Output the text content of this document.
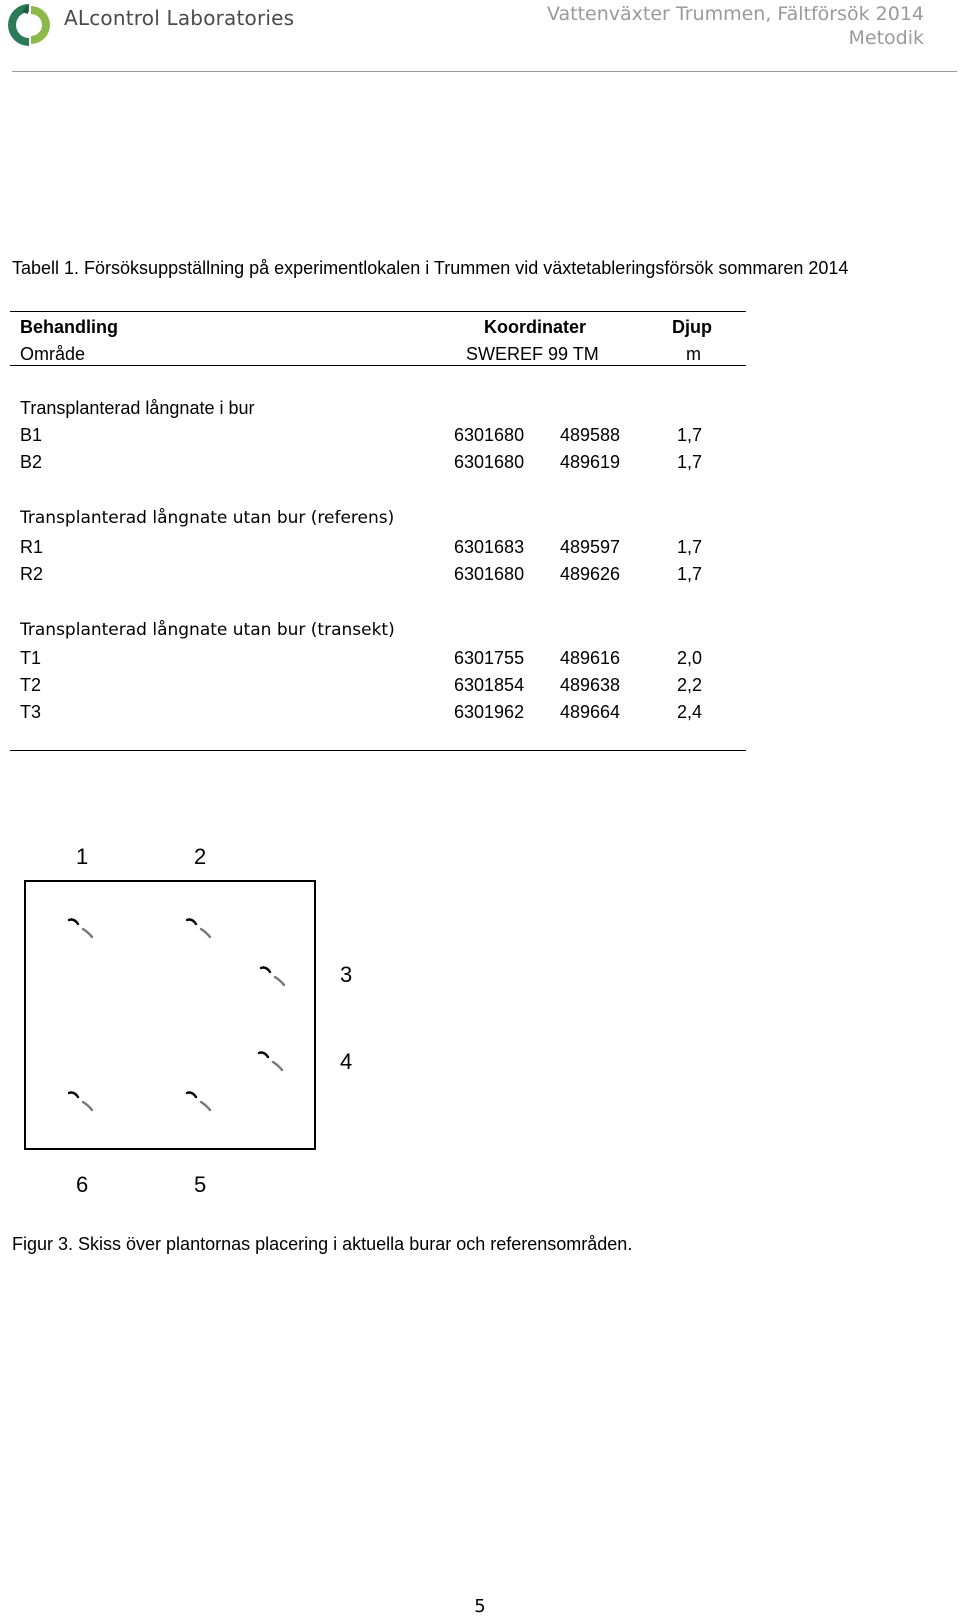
ALcontrol Laboratories	Vattenväxter Trummen, Fältförsök 2014
Metodik
Tabell 1. Försöksuppställning på experimentlokalen i Trummen vid växtetableringsförsök sommaren 2014
Behandling	Koordinater	Djup
Område	SWEREF 99 TM	m
Transplanterad långnate i bur
B1	6301680 489588	1,7
B2	6301680 489619	1,7
Transplanterad långnate utan bur (referens)
R1	6301683 489597	1,7
R2	6301680 489626	1,7
Transplanterad långnate utan bur (transekt)
T1	6301755 489616	2,0
T2	6301854 489638	2,2
T3	6301962 489664	2,4
1	2
3
4
5
6
Figur 3. Skiss över plantornas placering i aktuella burar och referensområden.
5
